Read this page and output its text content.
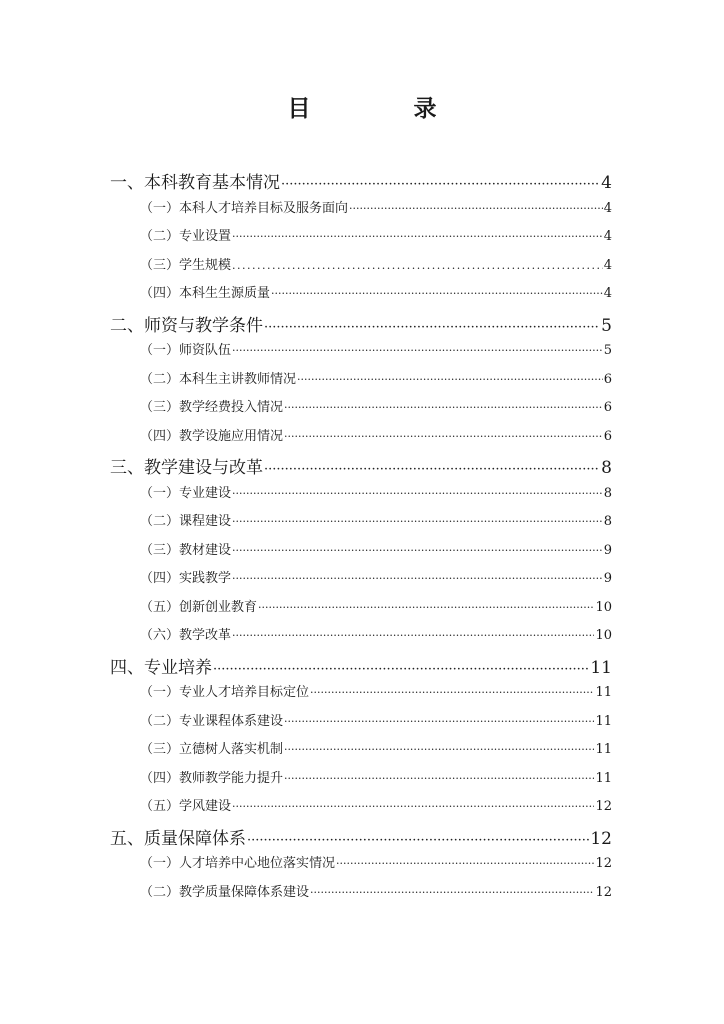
目　录
一、本科教育基本情况 ·····	4
（一）本科人才培养目标及服务面向 ·····	4
（二）专业设置 ·····	4
（三）学生规模 . . .	4
（四）本科生生源质量 ·····	4
二、师资与教学条件 ·····	5
（一）师资队伍 ·····	5
（二）本科生主讲教师情况 ·····	6
（三）教学经费投入情况 ·····	6
（四）教学设施应用情况 ·····	6
三、教学建设与改革 ·····	8
（一）专业建设 ·····	8
（二）课程建设 ·····	8
（三）教材建设 ·····	9
（四）实践教学 ·····	9
（五）创新创业教育 ·····	10
（六）教学改革 ·····	10
四、专业培养 ·····	11
（一）专业人才培养目标定位 ·····	11
（二）专业课程体系建设 ·····	11
（三）立德树人落实机制 ·····	11
（四）教师教学能力提升 ·····	11
（五）学风建设 ·····	12
五、质量保障体系 ·····	12
（一）人才培养中心地位落实情况 ·····	12
（二）教学质量保障体系建设 ·····	12
